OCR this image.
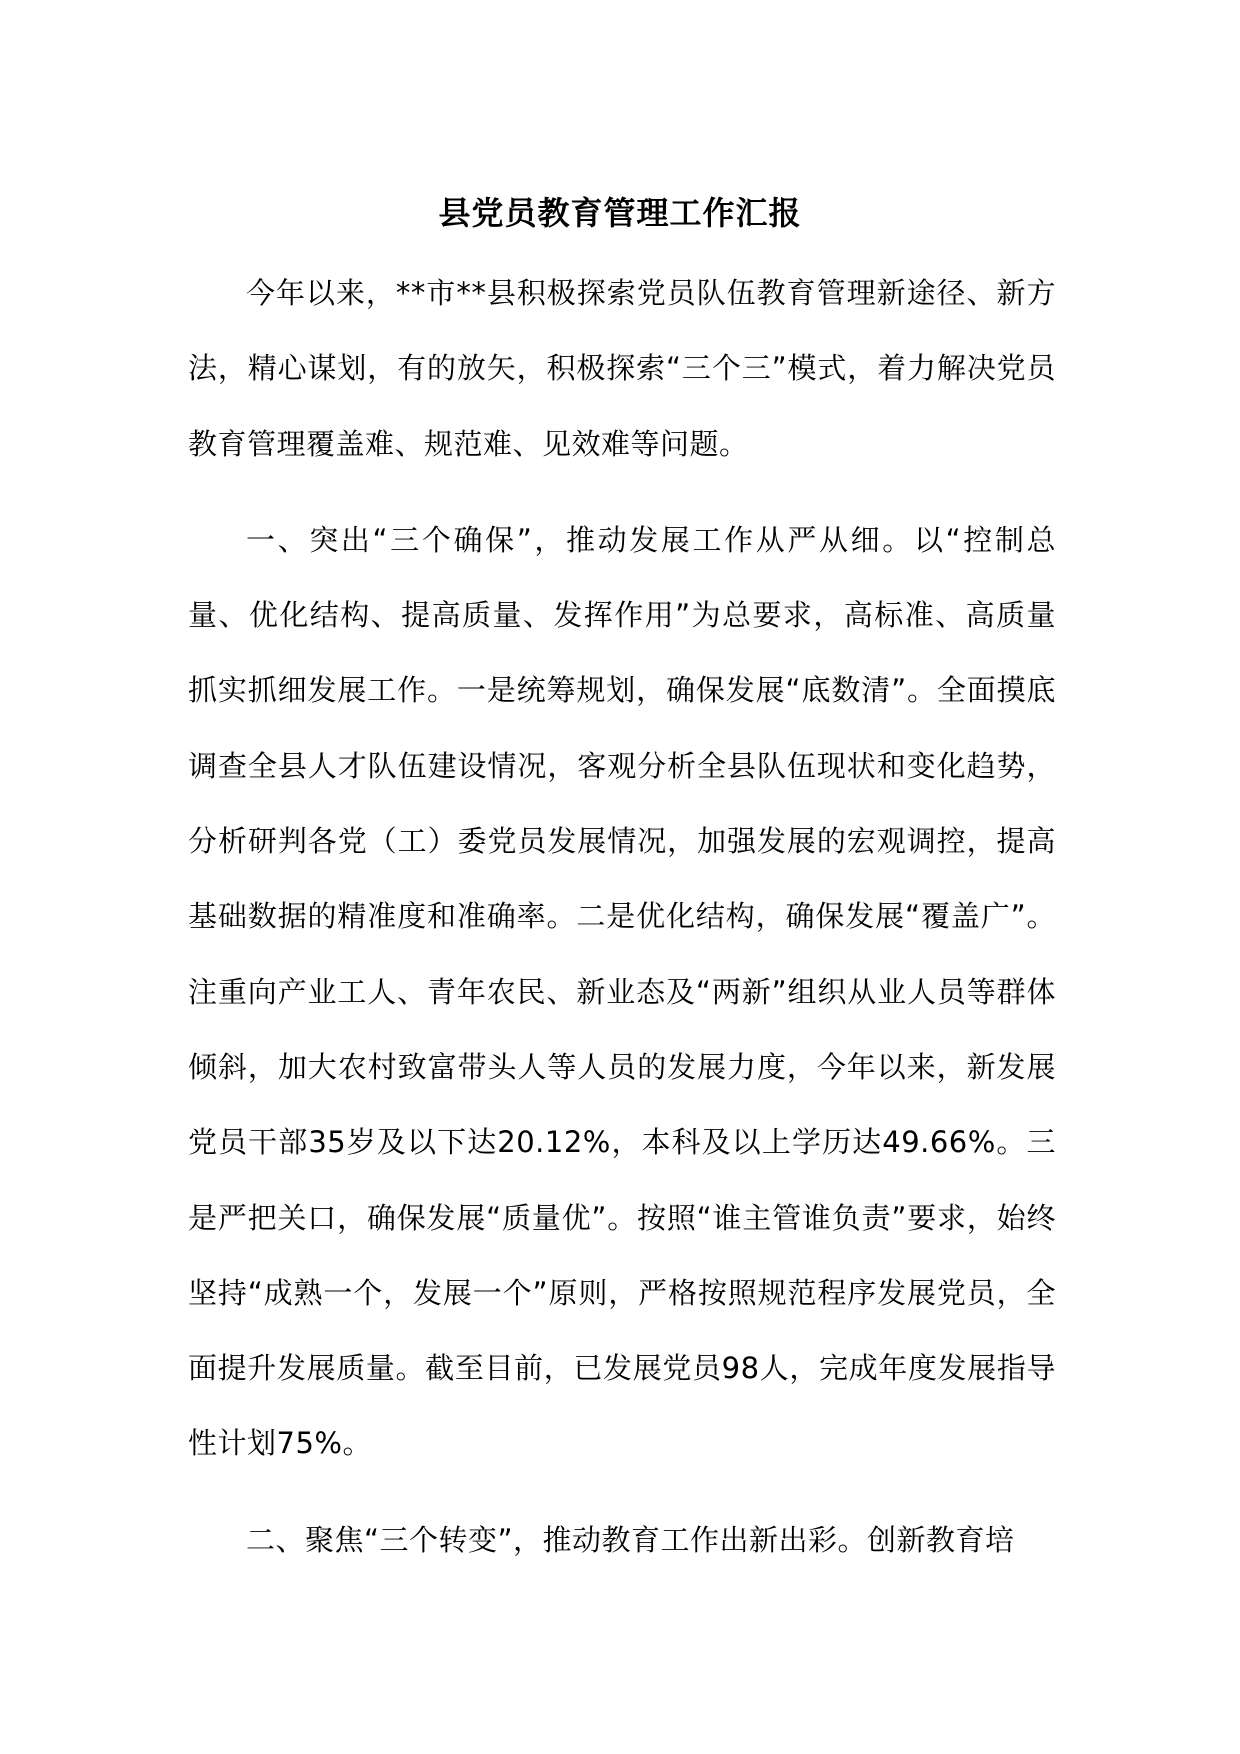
县党员教育管理工作汇报

今年以来，**市**县积极探索党员队伍教育管理新途径、新方法，精心谋划，有的放矢，积极探索“三个三”模式，着力解决党员教育管理覆盖难、规范难、见效难等问题。

一、突出“三个确保”，推动发展工作从严从细。以“控制总量、优化结构、提高质量、发挥作用”为总要求，高标准、高质量抓实抓细发展工作。一是统筹规划，确保发展“底数清”。全面摸底调查全县人才队伍建设情况，客观分析全县队伍现状和变化趋势，分析研判各党（工）委党员发展情况，加强发展的宏观调控，提高基础数据的精准度和准确率。二是优化结构，确保发展“覆盖广”。注重向产业工人、青年农民、新业态及“两新”组织从业人员等群体倾斜，加大农村致富带头人等人员的发展力度，今年以来，新发展党员干部35岁及以下达20.12%，本科及以上学历达49.66%。三是严把关口，确保发展“质量优”。按照“谁主管谁负责”要求，始终坚持“成熟一个，发展一个”原则，严格按照规范程序发展党员，全面提升发展质量。截至目前，已发展党员98人，完成年度发展指导性计划75%。

二、聚焦“三个转变”，推动教育工作出新出彩。创新教育培
